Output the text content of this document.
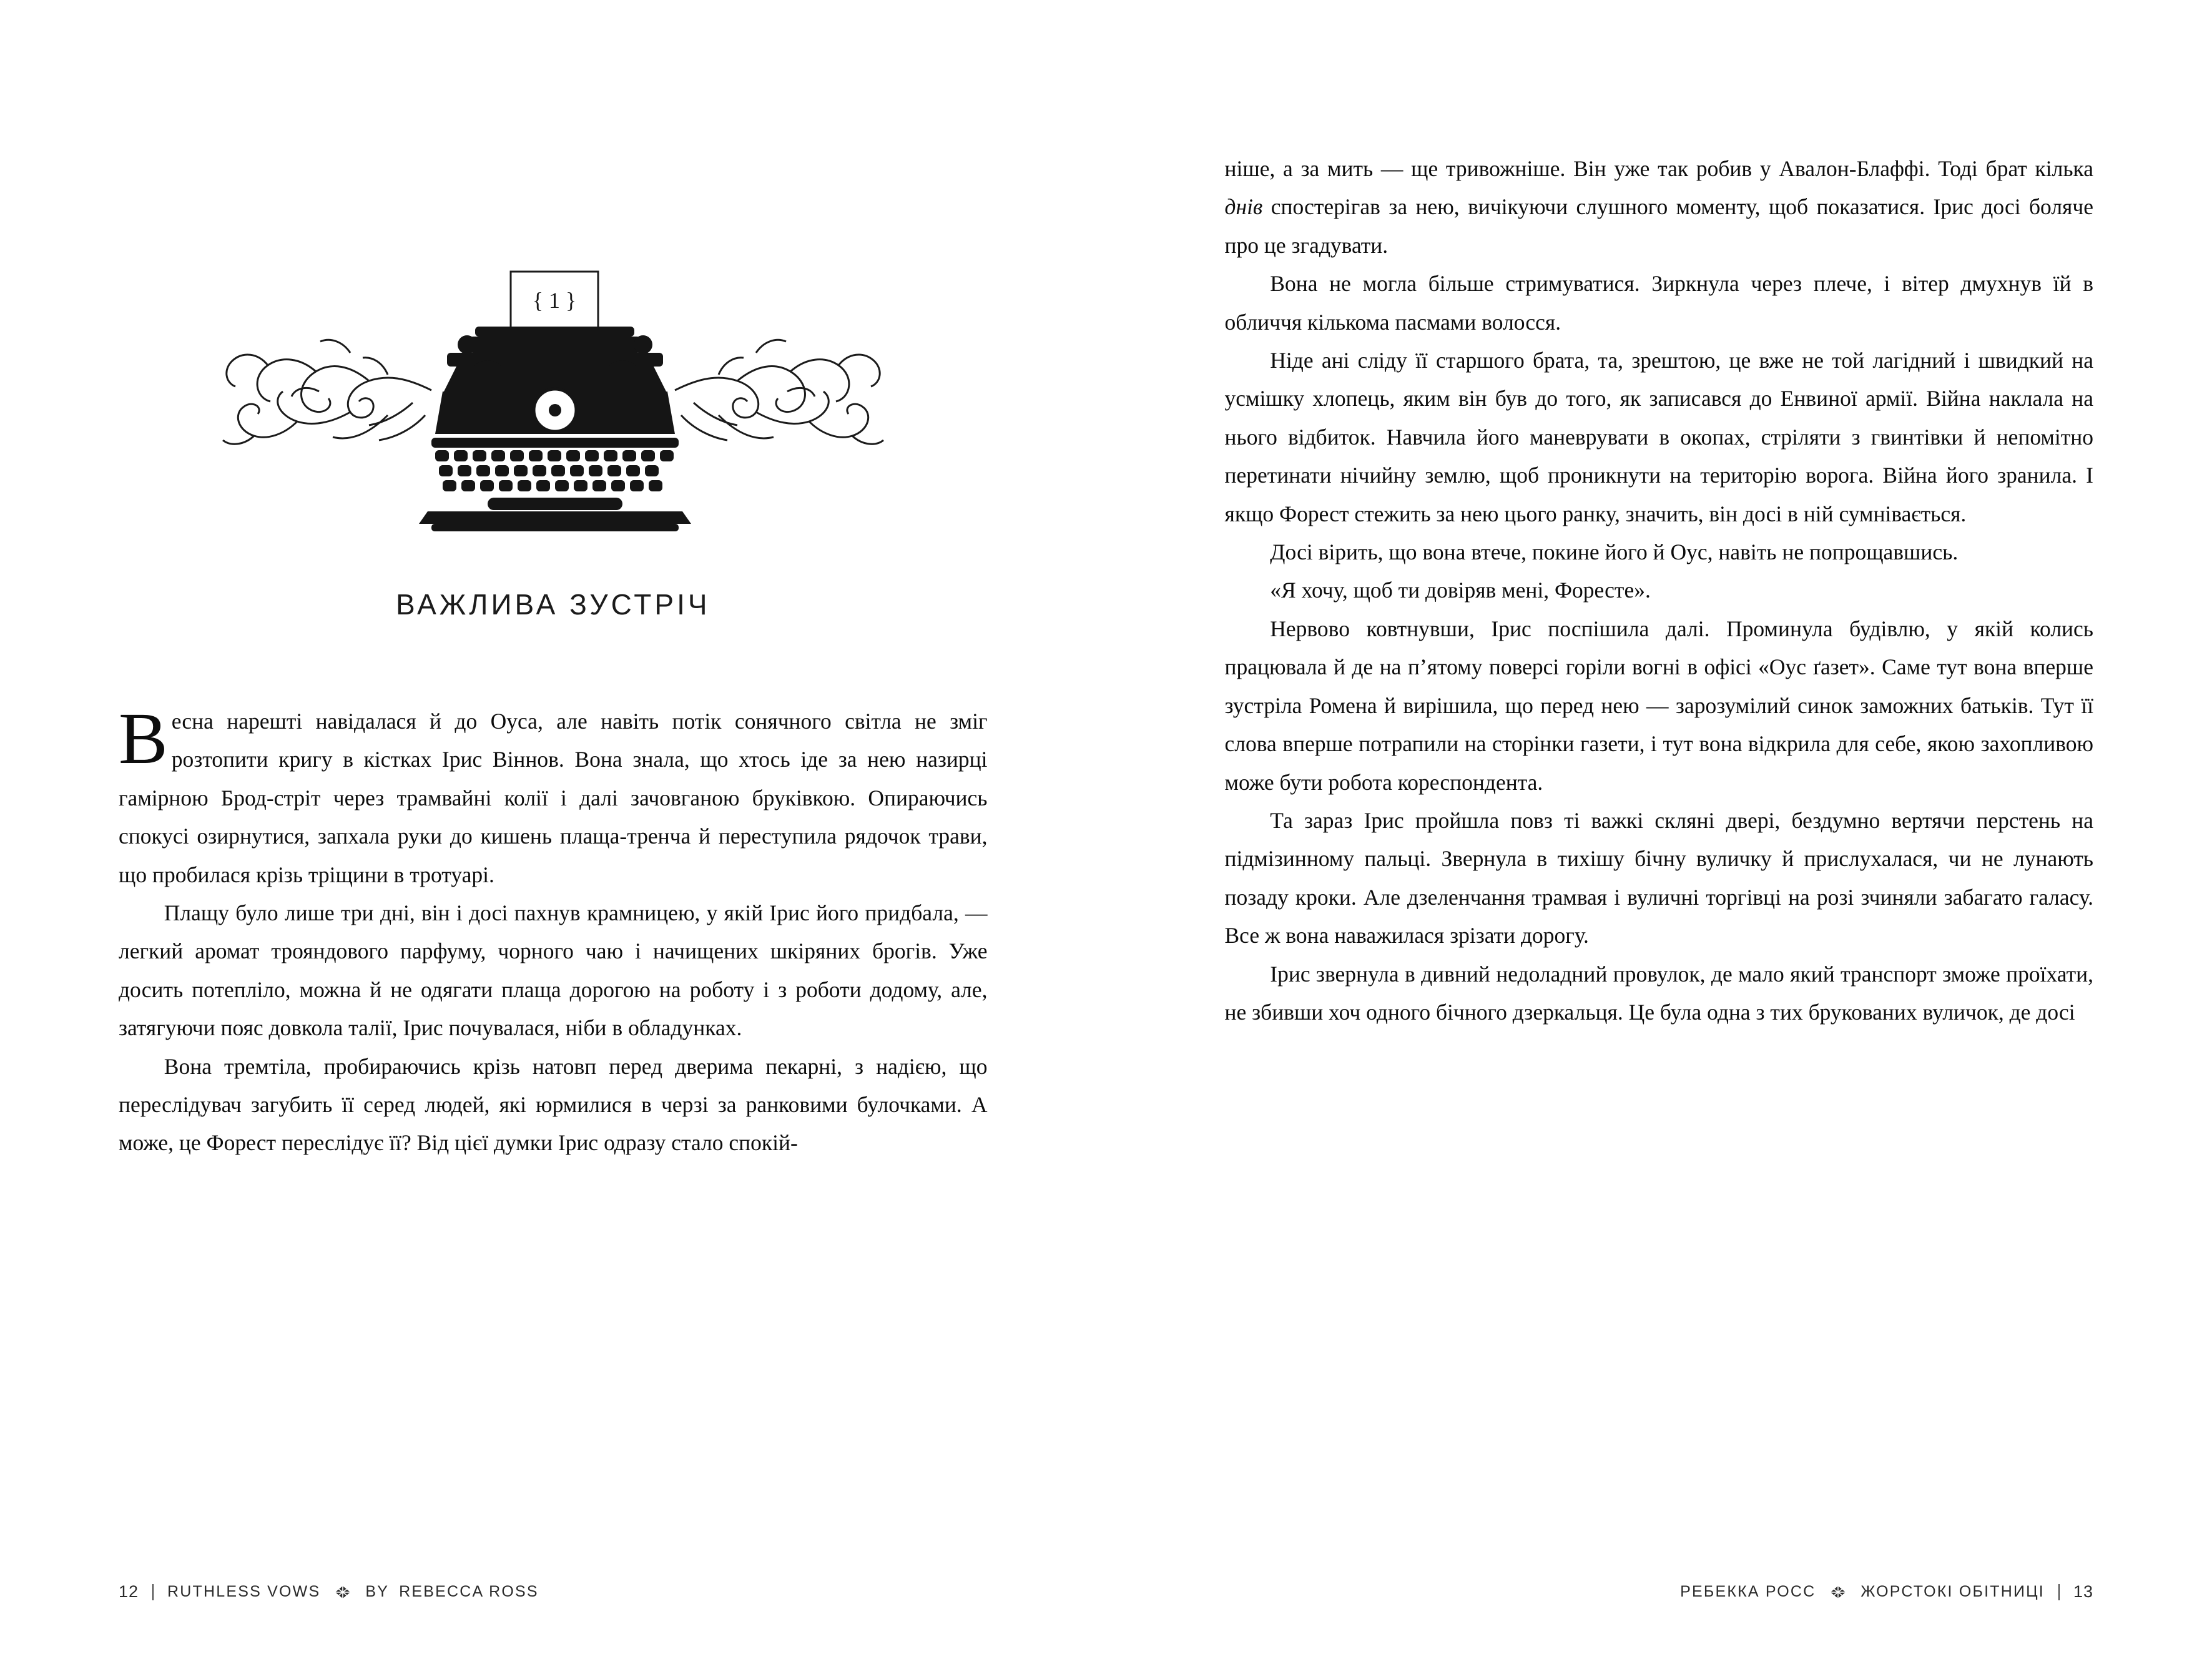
{ 1 }
ВАЖЛИВА ЗУСТРІЧ

Весна нарешті навідалася й до Оуса, але навіть потік сонячного світла не зміг розтопити кригу в кістках Ірис Віннов. Вона знала, що хтось іде за нею назирці гамірною Брод-стріт через трамвайні колії і далі зачовганою бруківкою. Опираючись спокусі озирнутися, запхала руки до кишень плаща-тренча й переступила рядочок трави, що пробилася крізь тріщини в тротуарі.

Плащу було лише три дні, він і досі пахнув крамницею, у якій Ірис його придбала, — легкий аромат трояндового парфуму, чорного чаю і начищених шкіряних брогів. Уже досить потепліло, можна й не одягати плаща дорогою на роботу і з роботи додому, але, затягуючи пояс довкола талії, Ірис почувалася, ніби в обладунках.

Вона тремтіла, пробираючись крізь натовп перед дверима пекарні, з надією, що переслідувач загубить її серед людей, які юрмилися в черзі за ранковими булочками. А може, це Форест переслідує її? Від цієї думки Ірис одразу стало спокій-

12 RUTHLESS VOWS	BY REBECCA ROSS

ніше, а за мить — ще тривожніше. Він уже так робив у Авалон-Блаффі. Тоді брат кілька днів спостерігав за нею, вичікуючи слушного моменту, щоб показатися. Ірис досі боляче про це згадувати.

Вона не могла більше стримуватися. Зиркнула через плече, і вітер дмухнув їй в обличчя кількома пасмами волосся.

Ніде ані сліду її старшого брата, та, зрештою, це вже не той лагідний і швидкий на усмішку хлопець, яким він був до того, як записався до Енвиної армії. Війна наклала на нього відбиток. Навчила його маневрувати в окопах, стріляти з гвинтівки й непомітно перетинати нічийну землю, щоб проникнути на територію ворога. Війна його зранила. І якщо Форест стежить за нею цього ранку, значить, він досі в ній сумнівається.

Досі вірить, що вона втече, покине його й Оус, навіть не попрощавшись.

«Я хочу, щоб ти довіряв мені, Форесте».

Нервово ковтнувши, Ірис поспішила далі. Проминула будівлю, у якій колись працювала й де на п’ятому поверсі горіли вогні в офісі «Оус ґазет». Саме тут вона вперше зустріла Ромена й вирішила, що перед нею — зарозумілий синок заможних батьків. Тут її слова вперше потрапили на сторінки газети, і тут вона відкрила для себе, якою захопливою може бути робота кореспондента.

Та зараз Ірис пройшла повз ті важкі скляні двері, бездумно вертячи перстень на підмізинному пальці. Звернула в тихішу бічну вуличку й прислухалася, чи не лунають позаду кроки. Але дзеленчання трамвая і вуличні торгівці на розі зчиняли забагато галасу. Все ж вона наважилася зрізати дорогу.

Ірис звернула в дивний недоладний провулок, де мало який транспорт зможе проїхати, не збивши хоч одного бічного дзеркальця. Це була одна з тих брукованих вуличок, де досі

РЕБЕККА РОСС	ЖОРСТОКІ ОБІТНИЦІ 13
